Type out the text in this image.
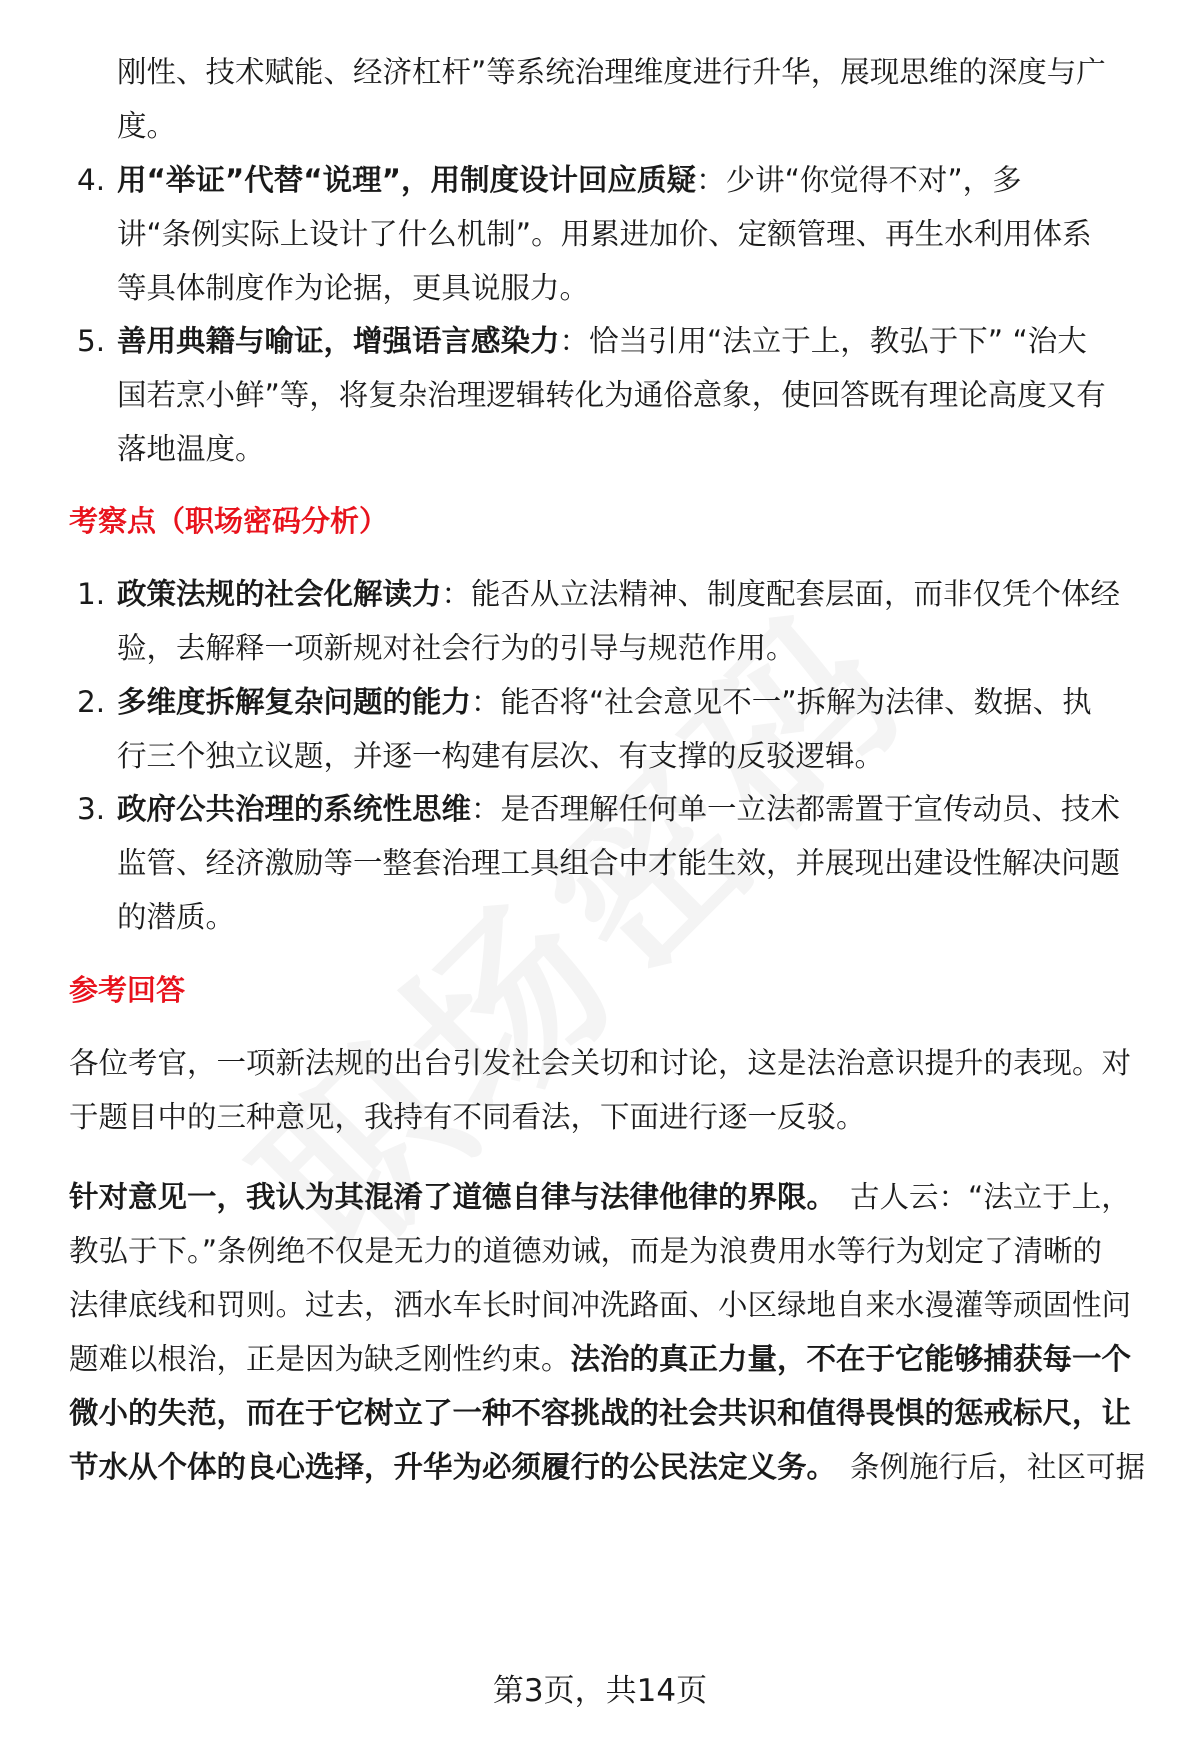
刚性、技术赋能、经济杠杆”等系统治理维度进行升华，展现思维的深度与广
度。
4. 用“举证”代替“说理”，用制度设计回应质疑：少讲“你觉得不对”，多
讲“条例实际上设计了什么机制”。用累进加价、定额管理、再生水利用体系
等具体制度作为论据，更具说服力。
5. 善用典籍与喻证，增强语言感染力：恰当引用“法立于上，教弘于下” “治大
国若烹小鲜”等，将复杂治理逻辑转化为通俗意象，使回答既有理论高度又有
落地温度。
考察点（职场密码分析）
1. 政策法规的社会化解读力：能否从立法精神、制度配套层面，而非仅凭个体经
验，去解释一项新规对社会行为的引导与规范作用。
2. 多维度拆解复杂问题的能力：能否将“社会意见不一”拆解为法律、数据、执
行三个独立议题，并逐一构建有层次、有支撑的反驳逻辑。
3. 政府公共治理的系统性思维：是否理解任何单一立法都需置于宣传动员、技术
监管、经济激励等一整套治理工具组合中才能生效，并展现出建设性解决问题
的潜质。
参考回答
各位考官，一项新法规的出台引发社会关切和讨论，这是法治意识提升的表现。对
于题目中的三种意见，我持有不同看法，下面进行逐一反驳。
针对意见一，我认为其混淆了道德自律与法律他律的界限。 古人云：“法立于上，
教弘于下。”条例绝不仅是无力的道德劝诫，而是为浪费用水等行为划定了清晰的
法律底线和罚则。过去，洒水车长时间冲洗路面、小区绿地自来水漫灌等顽固性问
题难以根治，正是因为缺乏刚性约束。法治的真正力量，不在于它能够捕获每一个
微小的失范，而在于它树立了一种不容挑战的社会共识和值得畏惧的惩戒标尺，让
节水从个体的良心选择，升华为必须履行的公民法定义务。 条例施行后，社区可据
第3页，共14页
